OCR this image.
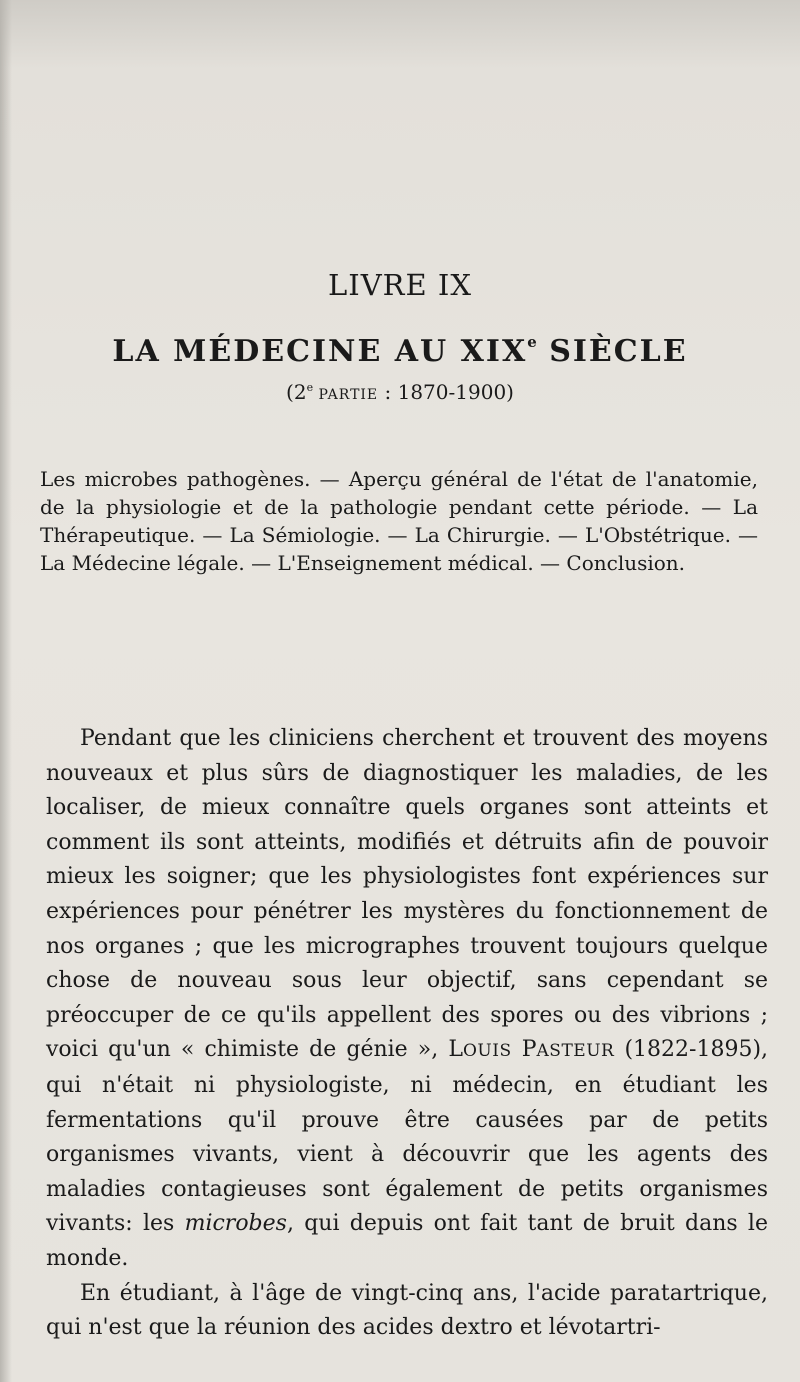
LIVRE IX
LA MÉDECINE AU XIXe SIÈCLE
(2e PARTIE : 1870-1900)

Les microbes pathogènes. — Aperçu général de l'état de l'anatomie, de la physiologie et de la pathologie pendant cette période. — La Thérapeutique. — La Sémiologie. — La Chirurgie. — L'Obstétrique. — La Médecine légale. — L'Enseignement médical. — Conclusion.

Pendant que les cliniciens cherchent et trouvent des moyens nouveaux et plus sûrs de diagnostiquer les maladies, de les localiser, de mieux connaître quels organes sont atteints et comment ils sont atteints, modifiés et détruits afin de pouvoir mieux les soigner; que les physiologistes font expériences sur expériences pour pénétrer les mystères du fonctionnement de nos organes ; que les micrographes trouvent toujours quelque chose de nouveau sous leur objectif, sans cependant se préoccuper de ce qu'ils appellent des spores ou des vibrions ; voici qu'un « chimiste de génie », LOUIS PASTEUR (1822-1895), qui n'était ni physiologiste, ni médecin, en étudiant les fermentations qu'il prouve être causées par de petits organismes vivants, vient à découvrir que les agents des maladies contagieuses sont également de petits organismes vivants: les microbes, qui depuis ont fait tant de bruit dans le monde.

En étudiant, à l'âge de vingt-cinq ans, l'acide paratartrique, qui n'est que la réunion des acides dextro et lévotartri-
